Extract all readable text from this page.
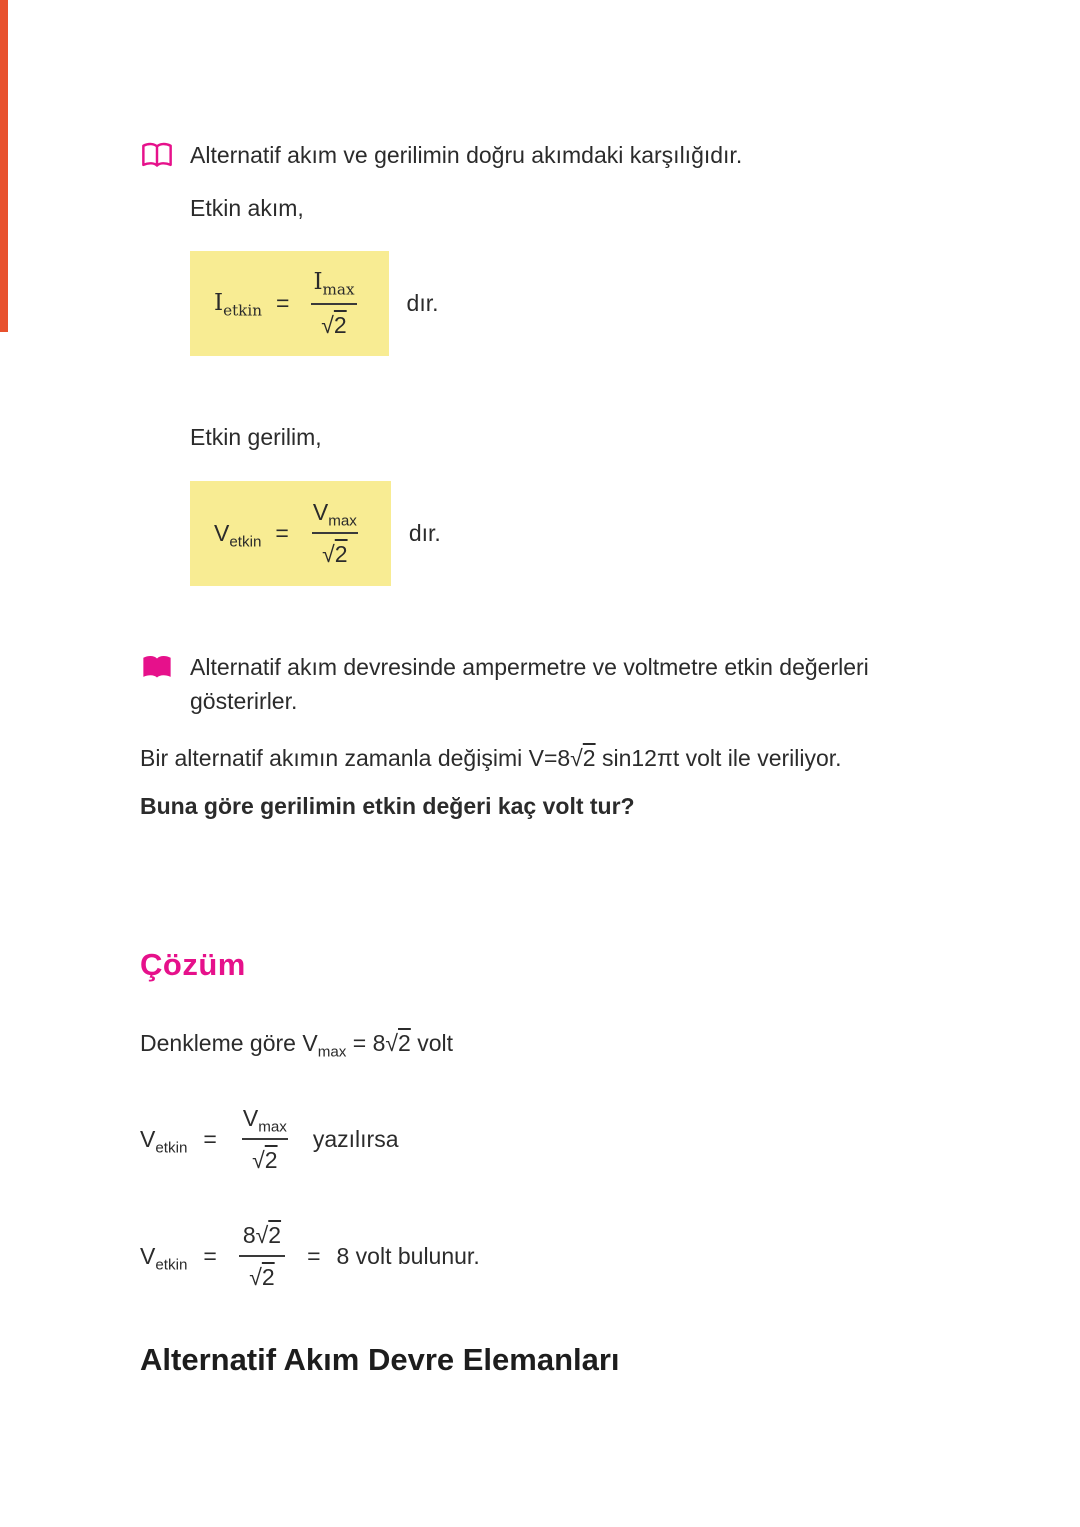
Alternatif akım ve gerilimin doğru akımdaki karşılığıdır.

Etkin akım,

$I_{etkin} = \frac{I_{max}}{√2}$ dır.

Etkin gerilim,

$V_{etkin} = \frac{V_{max}}{√2}$ dır.

Alternatif akım devresinde ampermetre ve voltmetre etkin değerleri gösterirler.

Bir alternatif akımın zamanla değişimi V=8√2 sin12πt volt ile veriliyor.

Buna göre gerilimin etkin değeri kaç volt tur?

Çözüm

Denkleme göre $V_{max} = 8√2$ volt

$V_{etkin} = \frac{V_{max}}{√2}$ yazılırsa
$V_{etkin} = \frac{8√2}{√2} = 8$ volt bulunur.
Alternatif Akım Devre Elemanları
